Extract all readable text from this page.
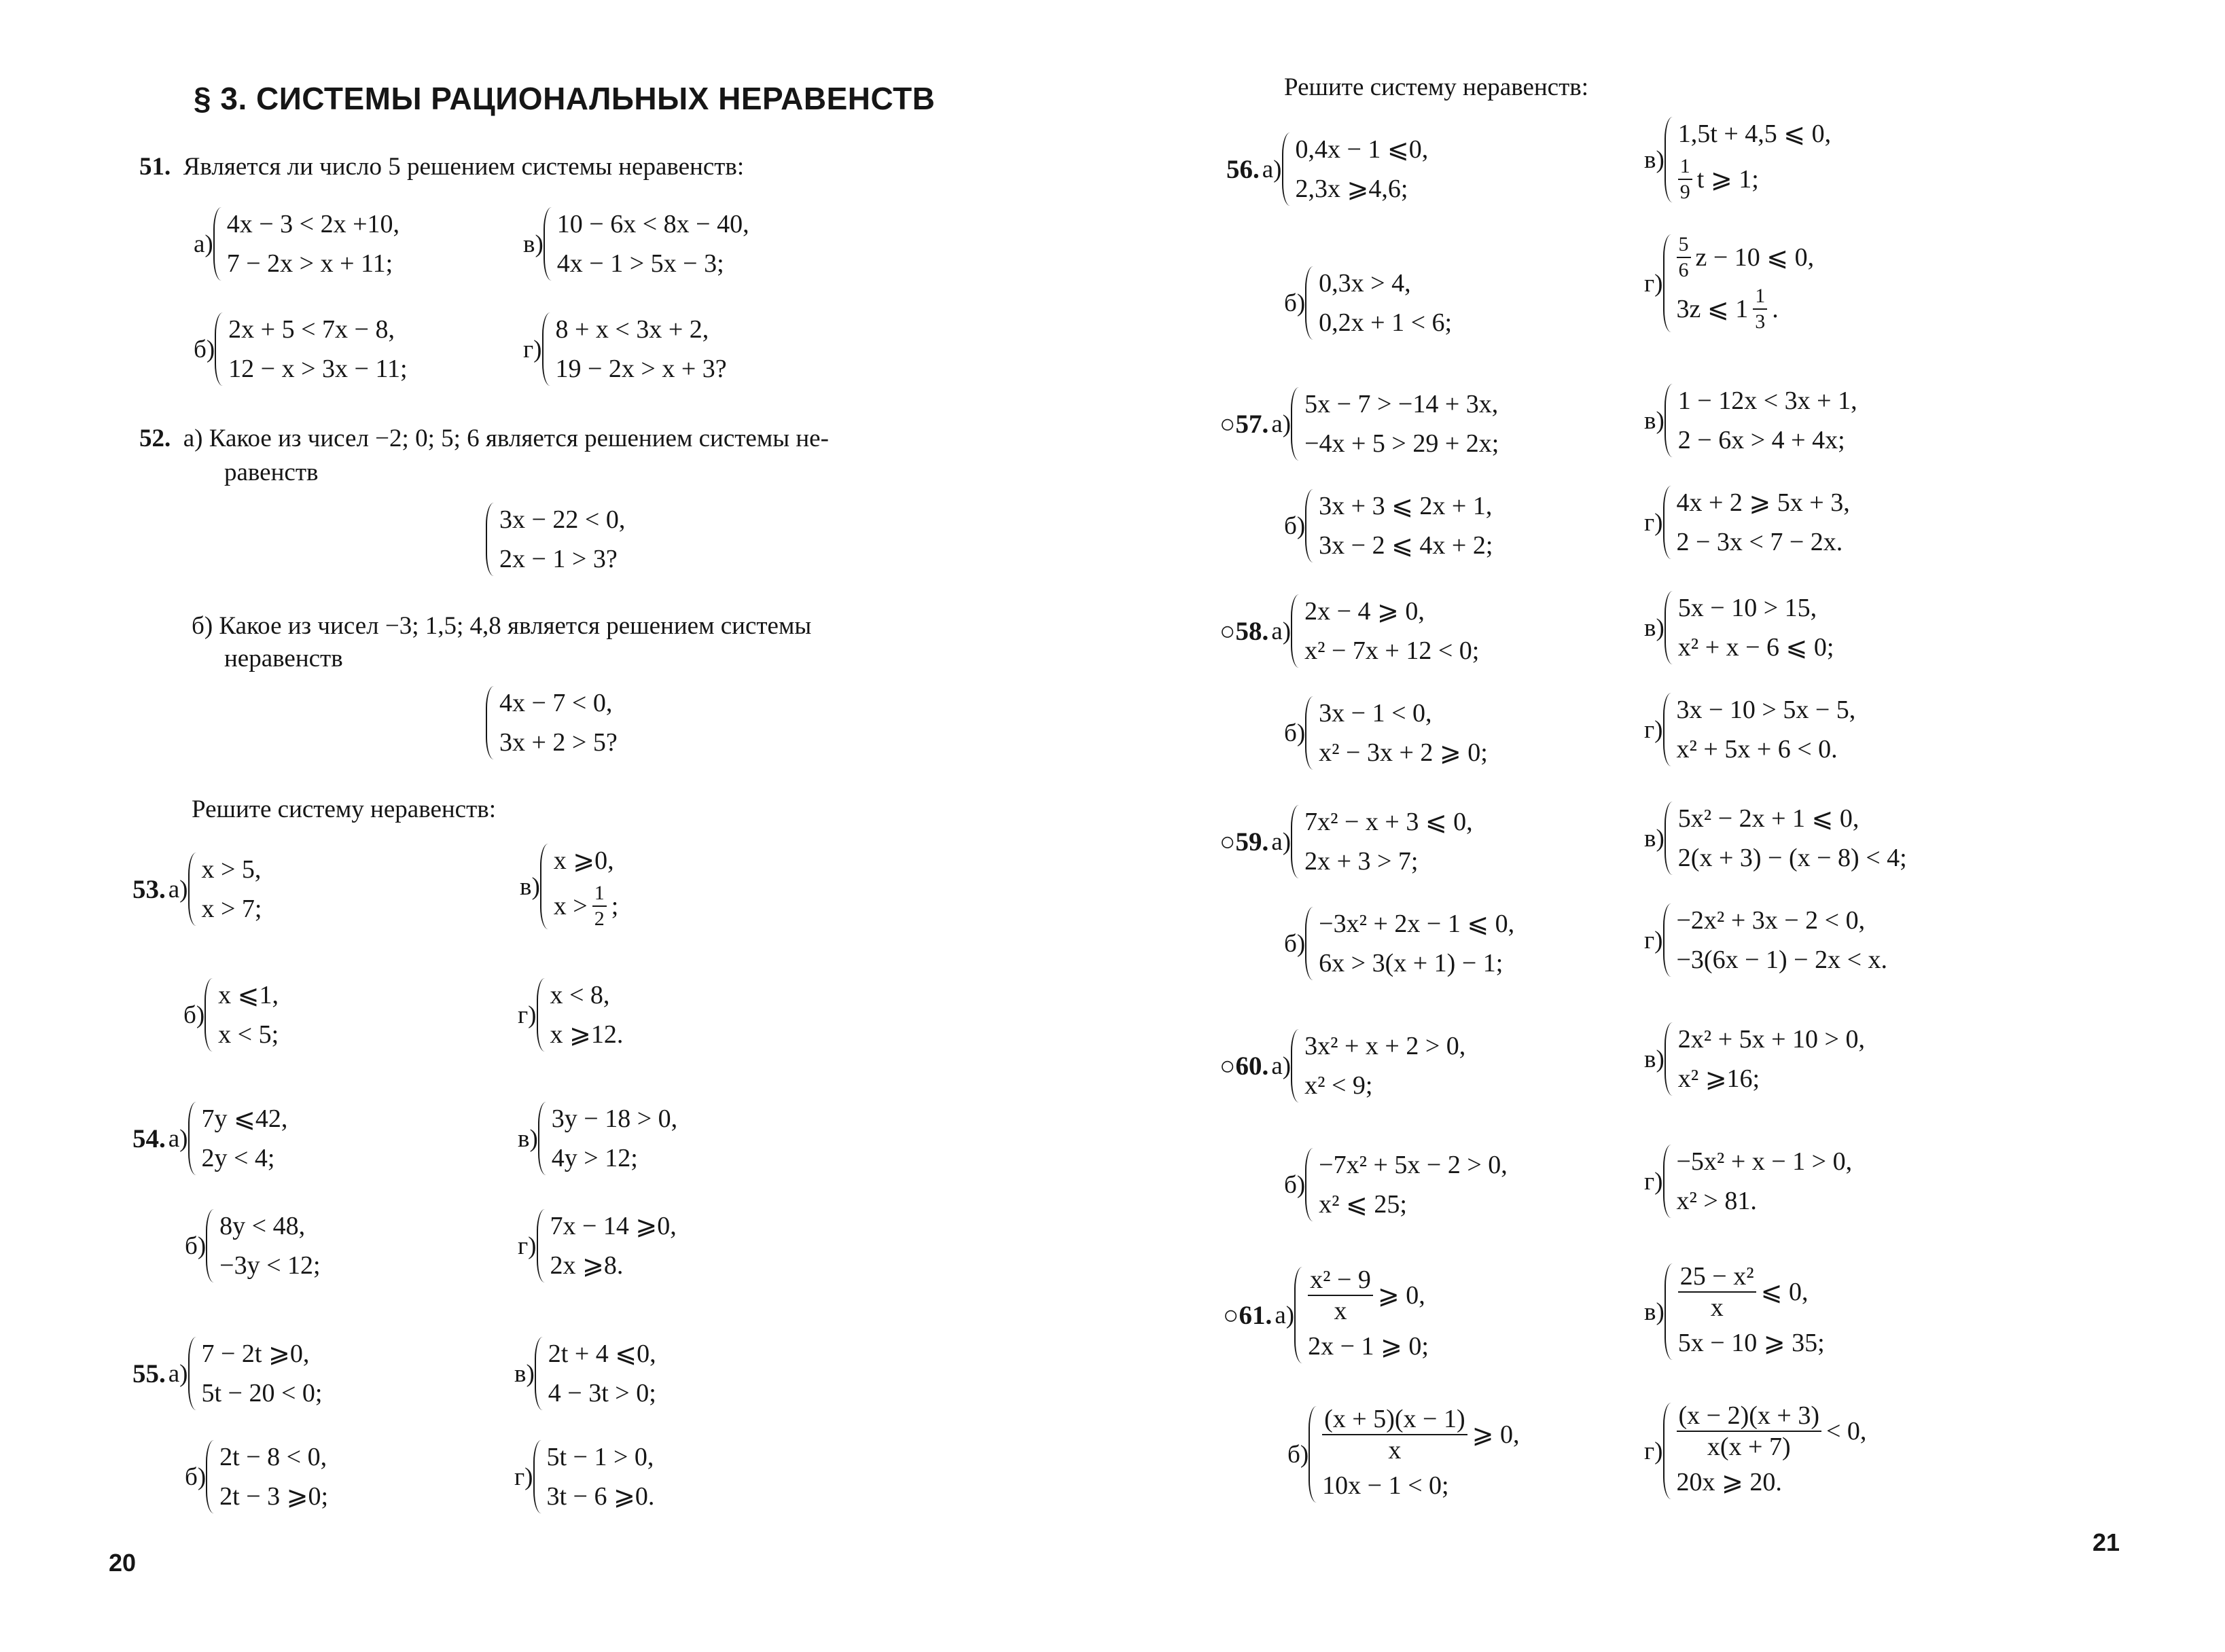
§ 3. СИСТЕМЫ РАЦИОНАЛЬНЫХ НЕРАВЕНСТВ
51. Является ли число 5 решением системы неравенств:
а)
4x − 3 < 2x +10,
7 − 2x > x + 11;
в)
10 − 6x < 8x − 40,
4x − 1 > 5x − 3;
б)
2x + 5 < 7x − 8,
12 − x > 3x − 11;
г)
8 + x < 3x + 2,
19 − 2x > x + 3?
52. а) Какое из чисел −2; 0; 5; 6 является решением системы не-
равенств
3x − 22 < 0,
2x − 1 > 3?
б) Какое из чисел −3; 1,5; 4,8 является решением системы
неравенств
4x − 7 < 0,
3x + 2 > 5?
Решите систему неравенств:
53.
а)
x > 5,
x > 7;
в)
x ⩾0,
$x > \frac{1}{2}$ ;
б)
x ⩽1,
x < 5;
г)
x < 8,
x ⩾12.
54.
а)
7y ⩽42,
2y < 4;
в)
3y − 18 > 0,
4y > 12;
б)
8y < 48,
−3y < 12;
г)
7x − 14 ⩾0,
2x ⩾8.
55.
а)
7 − 2t ⩾0,
5t − 20 < 0;
в)
2t + 4 ⩽0,
4 − 3t > 0;
б)
2t − 8 < 0,
2t − 3 ⩾0;
г)
5t − 1 > 0,
3t − 6 ⩾0.
20
Решите систему неравенств:
56.
а)
0,4x − 1 ⩽0,
2,3x ⩾4,6;
в)
1,5t + 4,5 ⩽ 0,
$\frac{1}{9}$ t ⩾ 1;
б)
0,3x > 4,
0,2x + 1 < 6;
г)
$\frac{5}{6}$ z − 10 ⩽ 0,
3z ⩽ $1 \frac{1}{3}$ .
○57.
а)
5x − 7 > −14 + 3x,
−4x + 5 > 29 + 2x;
в)
1 − 12x < 3x + 1,
2 − 6x > 4 + 4x;
б)
3x + 3 ⩽ 2x + 1,
3x − 2 ⩽ 4x + 2;
г)
4x + 2 ⩾ 5x + 3,
2 − 3x < 7 − 2x.
○58.
а)
2x − 4 ⩾ 0,
x² − 7x + 12 < 0;
в)
5x − 10 > 15,
x² + x − 6 ⩽ 0;
б)
3x − 1 < 0,
x² − 3x + 2 ⩾ 0;
г)
3x − 10 > 5x − 5,
x² + 5x + 6 < 0.
○59.
а)
7x² − x + 3 ⩽ 0,
2x + 3 > 7;
в)
5x² − 2x + 1 ⩽ 0,
2(x + 3) − (x − 8) < 4;
б)
−3x² + 2x − 1 ⩽ 0,
6x > 3(x + 1) − 1;
г)
−2x² + 3x − 2 < 0,
−3(6x − 1) − 2x < x.
○60.
а)
3x² + x + 2 > 0,
x² < 9;
в)
2x² + 5x + 10 > 0,
x² ⩾16;
б)
−7x² + 5x − 2 > 0,
x² ⩽ 25;
г)
−5x² + x − 1 > 0,
x² > 81.
○61.
$а) \frac{\text{x² − 9}}{x}$ ⩾ 0,
2x − 1 ⩾ 0;
$в) \frac{\text{25 − x²}}{x}$ ⩽ 0,
5x − 10 ⩾ 35;
$б) \frac{(x + 5)(x - 1)}{x}$ ⩾ 0,
10x − 1 < 0;
$г) \frac{(x - 2)(x + 3)}{x(x + 7)} < 0$,
20x ⩾ 20.
21
